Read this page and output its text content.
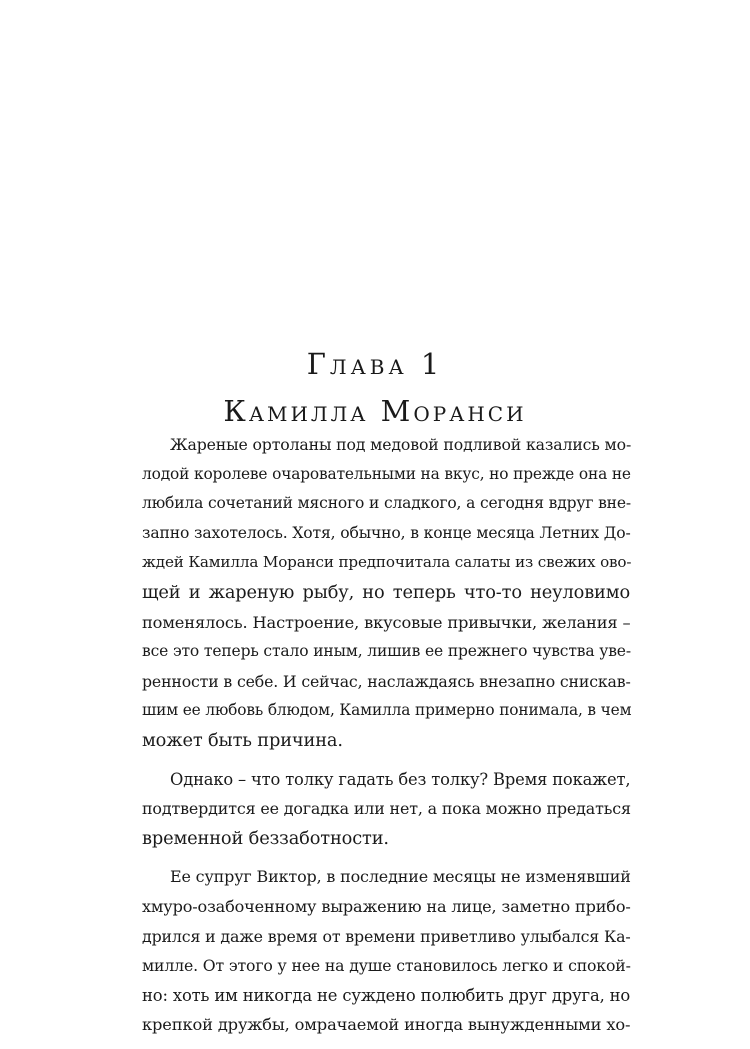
Глава 1
Камилла Моранси

Жареные ортоланы под медовой подливой казались мо-
лодой королеве очаровательными на вкус, но прежде она не
любила сочетаний мясного и сладкого, а сегодня вдруг вне-
запно захотелось. Хотя, обычно, в конце месяца Летних До-
ждей Камилла Моранси предпочитала салаты из свежих ово-
щей и жареную рыбу, но теперь что-то неуловимо
поменялось. Настроение, вкусовые привычки, желания –
все это теперь стало иным, лишив ее прежнего чувства уве-
ренности в себе. И сейчас, наслаждаясь внезапно снискав-
шим ее любовь блюдом, Камилла примерно понимала, в чем
может быть причина.

Однако – что толку гадать без толку? Время покажет,
подтвердится ее догадка или нет, а пока можно предаться
временной беззаботности.

Ее супруг Виктор, в последние месяцы не изменявший
хмуро-озабоченному выражению на лице, заметно прибо-
дрился и даже время от времени приветливо улыбался Ка-
милле. От этого у нее на душе становилось легко и спокой-
но: хоть им никогда не суждено полюбить друг друга, но
крепкой дружбы, омрачаемой иногда вынужденными хо-
